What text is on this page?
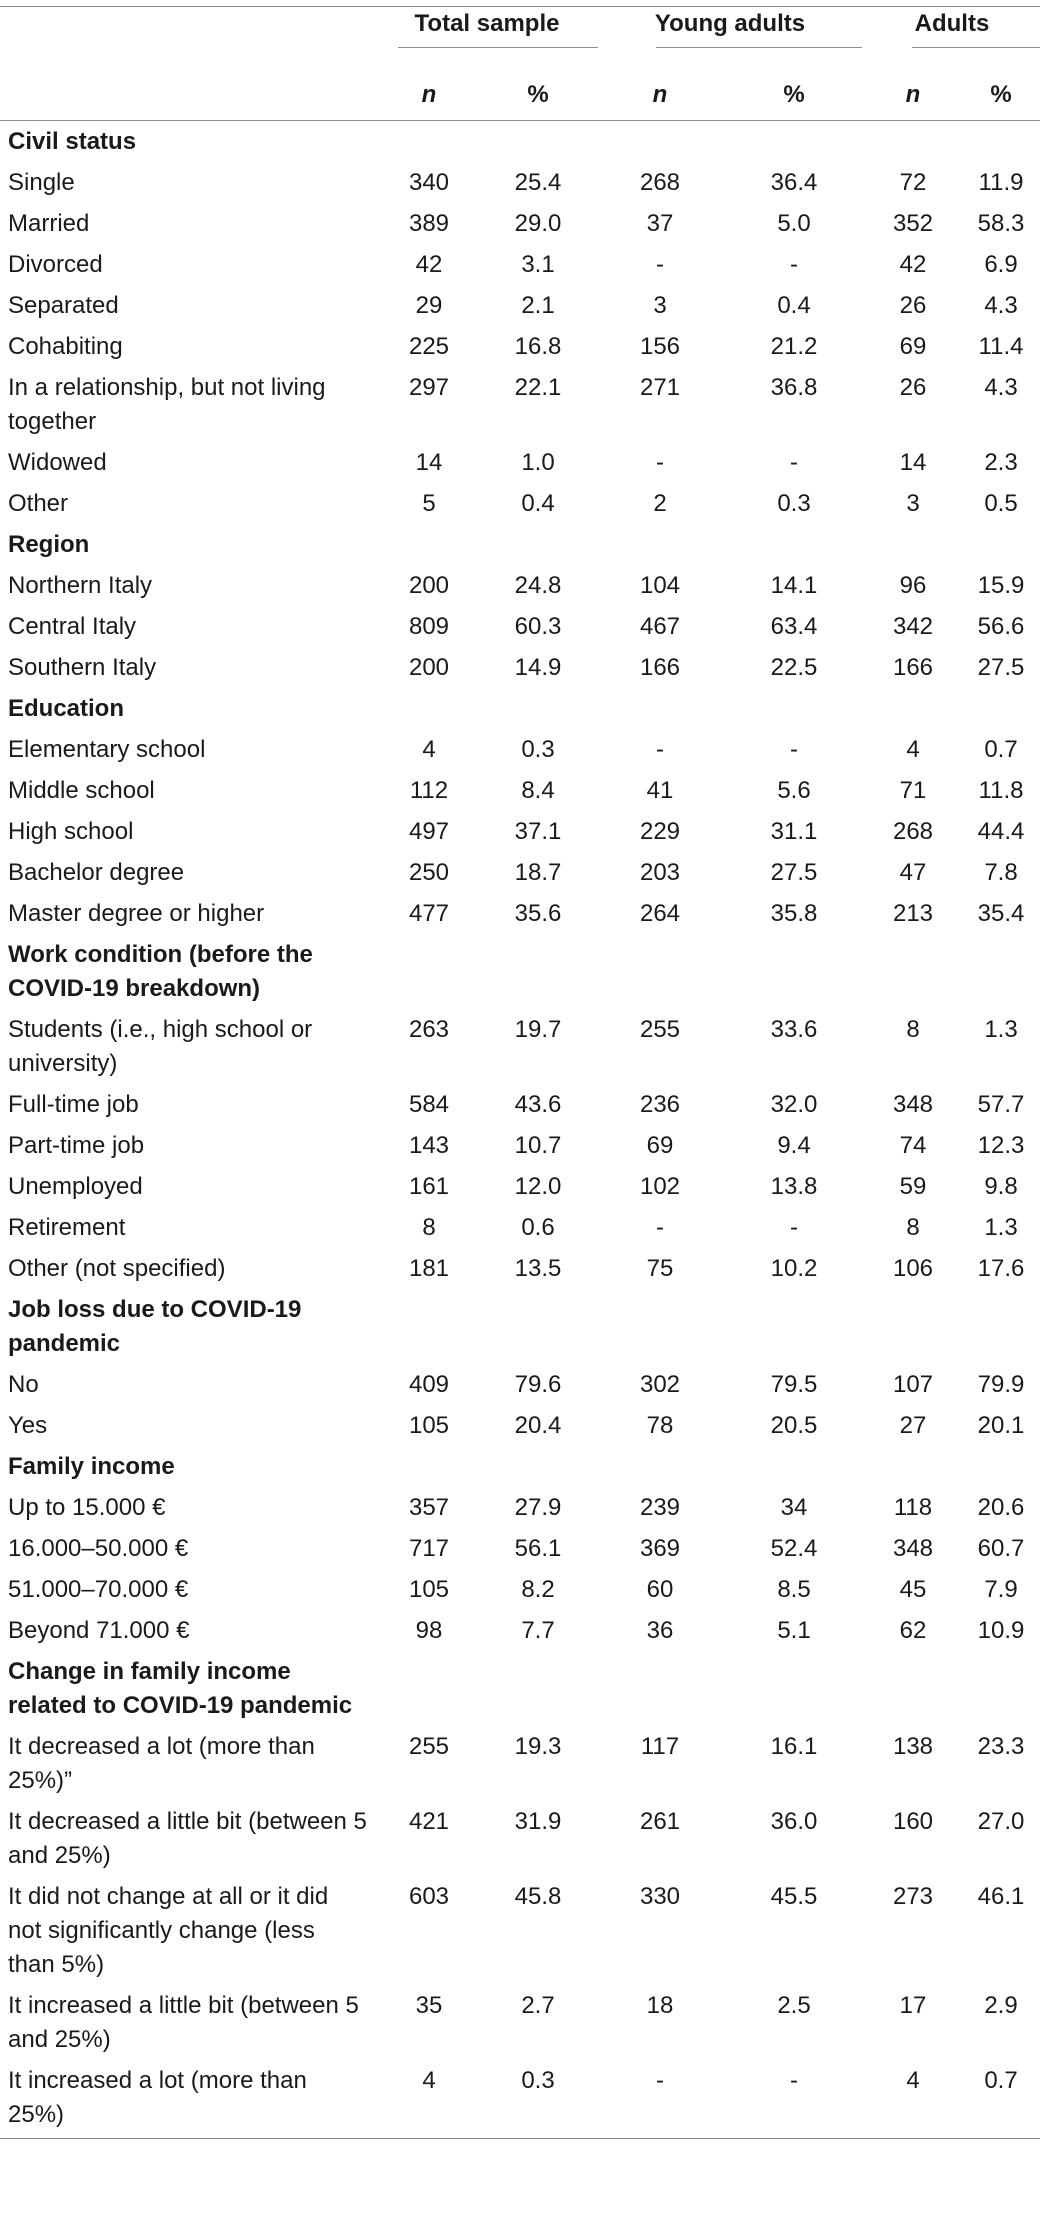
	Total sample		Young adults		Adults	

	n	%	n	%	n	%
Civil status						
Single	340	25.4	268	36.4	72	11.9
Married	389	29.0	37	5.0	352	58.3
Divorced	42	3.1	-	-	42	6.9
Separated	29	2.1	3	0.4	26	4.3
Cohabiting	225	16.8	156	21.2	69	11.4
In a relationship, but not living together	297	22.1	271	36.8	26	4.3
Widowed	14	1.0	-	-	14	2.3
Other	5	0.4	2	0.3	3	0.5
Region						
Northern Italy	200	24.8	104	14.1	96	15.9
Central Italy	809	60.3	467	63.4	342	56.6
Southern Italy	200	14.9	166	22.5	166	27.5
Education						
Elementary school	4	0.3	-	-	4	0.7
Middle school	112	8.4	41	5.6	71	11.8
High school	497	37.1	229	31.1	268	44.4
Bachelor degree	250	18.7	203	27.5	47	7.8
Master degree or higher	477	35.6	264	35.8	213	35.4
Work condition (before the COVID-19 breakdown)						
Students (i.e., high school or university)	263	19.7	255	33.6	8	1.3
Full-time job	584	43.6	236	32.0	348	57.7
Part-time job	143	10.7	69	9.4	74	12.3
Unemployed	161	12.0	102	13.8	59	9.8
Retirement	8	0.6	-	-	8	1.3
Other (not specified)	181	13.5	75	10.2	106	17.6
Job loss due to COVID-19 pandemic						
No	409	79.6	302	79.5	107	79.9
Yes	105	20.4	78	20.5	27	20.1
Family income						
Up to 15.000 €	357	27.9	239	34	118	20.6
16.000–50.000 €	717	56.1	369	52.4	348	60.7
51.000–70.000 €	105	8.2	60	8.5	45	7.9
Beyond 71.000 €	98	7.7	36	5.1	62	10.9
Change in family income related to COVID-19 pandemic						
It decreased a lot (more than 25%)”	255	19.3	117	16.1	138	23.3
It decreased a little bit (between 5 and 25%)	421	31.9	261	36.0	160	27.0
It did not change at all or it did not significantly change (less than 5%)	603	45.8	330	45.5	273	46.1
It increased a little bit (between 5 and 25%)	35	2.7	18	2.5	17	2.9
It increased a lot (more than 25%)	4	0.3	-	-	4	0.7
